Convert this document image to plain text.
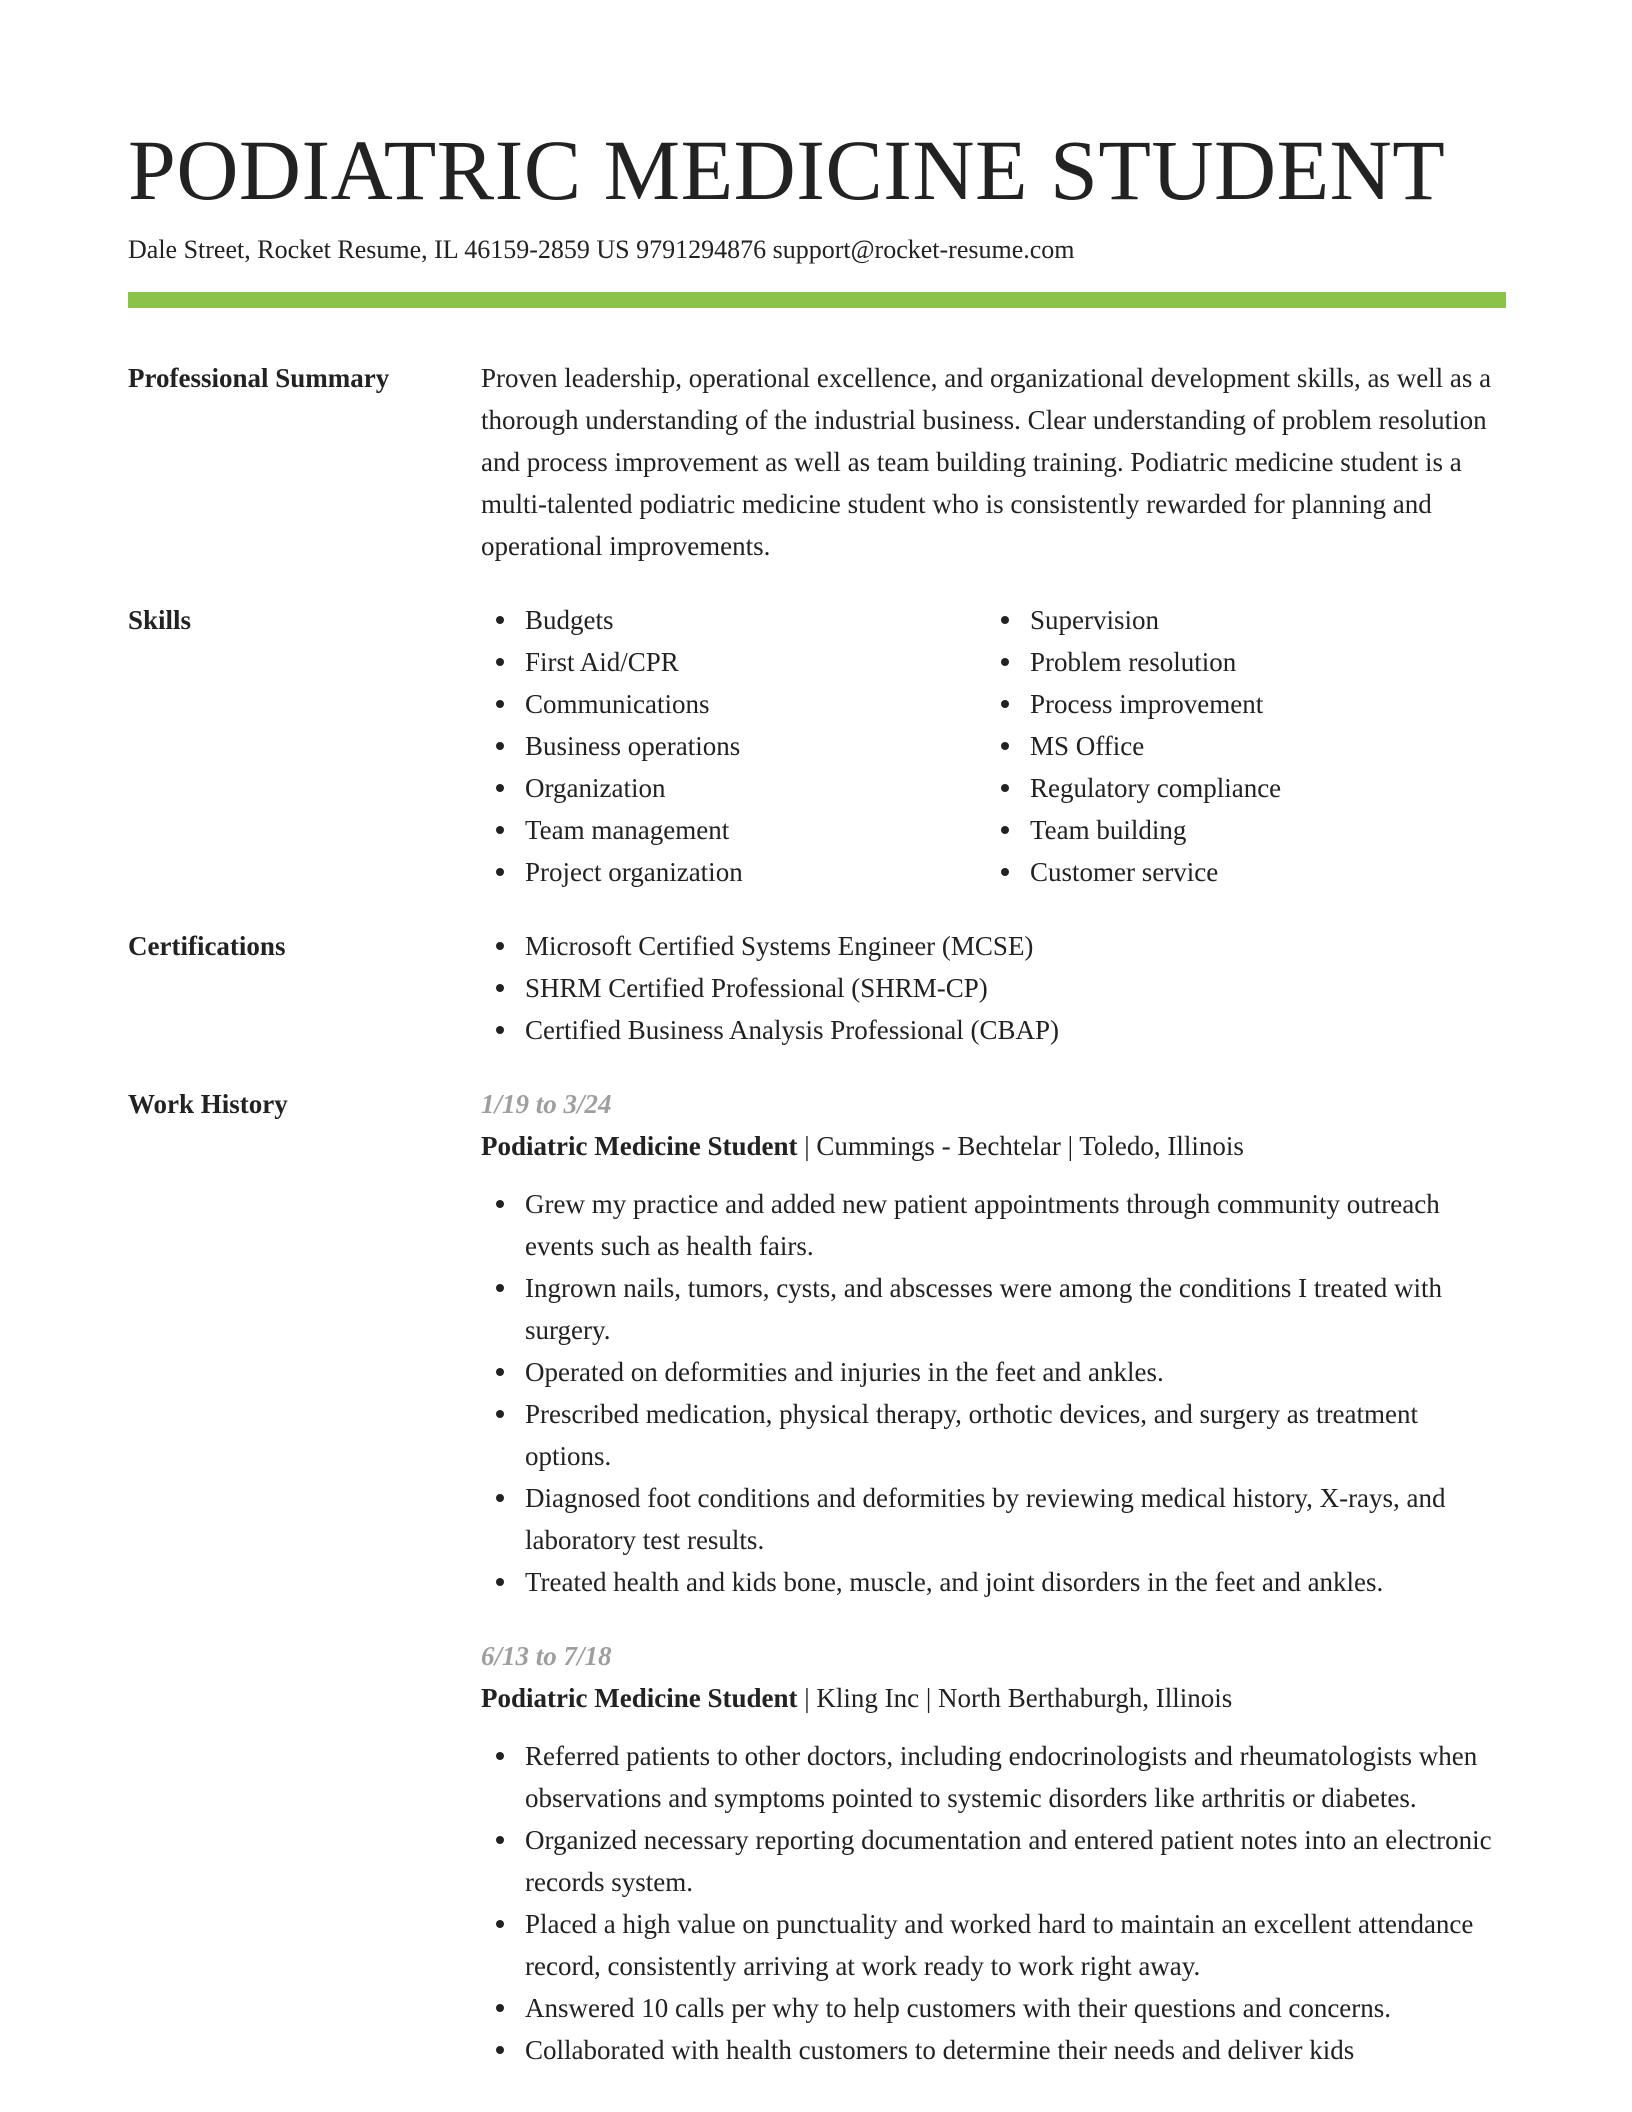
PODIATRIC MEDICINE STUDENT
Dale Street, Rocket Resume, IL 46159-2859 US 9791294876 support@rocket-resume.com
Professional Summary	Proven leadership, operational excellence, and organizational development skills, as well as a thorough understanding of the industrial business. Clear understanding of problem resolution and process improvement as well as team building training. Podiatric medicine student is a multi-talented podiatric medicine student who is consistently rewarded for planning and operational improvements.

Skills	Budgets
First Aid/CPR
Communications
Business operations
Organization
Team management
Project organization
Supervision
Problem resolution
Process improvement
MS Office
Regulatory compliance
Team building
Customer service
Certifications	Microsoft Certified Systems Engineer (MCSE)
SHRM Certified Professional (SHRM-CP)
Certified Business Analysis Professional (CBAP)
Work History	1/19 to 3/24
Podiatric Medicine Student | Cummings - Bechtelar | Toledo, Illinois
Grew my practice and added new patient appointments through community outreach events such as health fairs.
Ingrown nails, tumors, cysts, and abscesses were among the conditions I treated with surgery.
Operated on deformities and injuries in the feet and ankles.
Prescribed medication, physical therapy, orthotic devices, and surgery as treatment options.
Diagnosed foot conditions and deformities by reviewing medical history, X-rays, and laboratory test results.
Treated health and kids bone, muscle, and joint disorders in the feet and ankles.
6/13 to 7/18
Podiatric Medicine Student | Kling Inc | North Berthaburgh, Illinois
Referred patients to other doctors, including endocrinologists and rheumatologists when observations and symptoms pointed to systemic disorders like arthritis or diabetes.
Organized necessary reporting documentation and entered patient notes into an electronic records system.
Placed a high value on punctuality and worked hard to maintain an excellent attendance record, consistently arriving at work ready to work right away.
Answered 10 calls per why to help customers with their questions and concerns.
Collaborated with health customers to determine their needs and deliver kids
